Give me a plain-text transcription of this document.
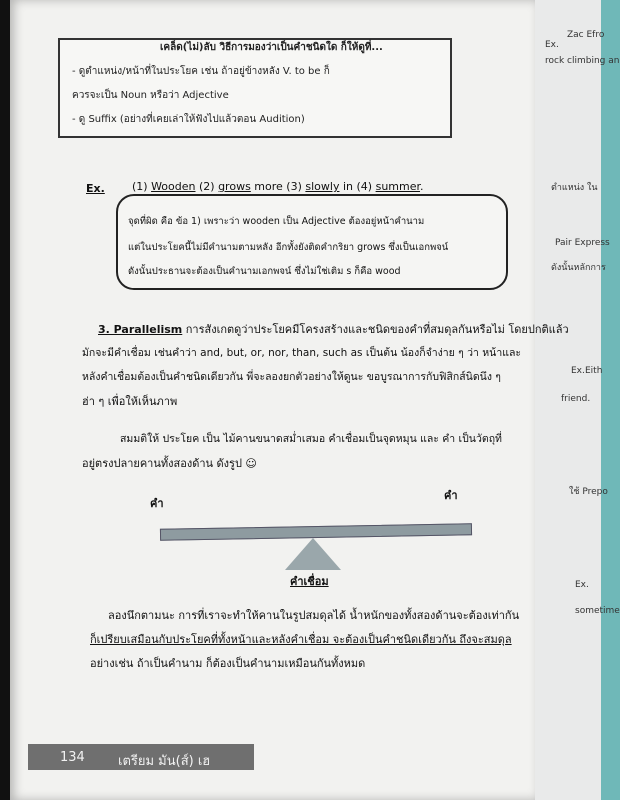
Ex.
Zac Efro
rock climbing an
ตำแหน่ง ใน
Pair Express
ดังนั้นหลักการ
Ex. Eith
friend.
ใช้ Prepo
Ex.
sometime
เคล็ด(ไม่)ลับ วิธีการมองว่าเป็นคำชนิดใด ก็ให้ดูที่...
- ดูตำแหน่ง/หน้าที่ในประโยค เช่น ถ้าอยู่ข้างหลัง V. to be ก็
ควรจะเป็น Noun หรือว่า Adjective
- ดู Suffix (อย่างที่เคยเล่าให้ฟังไปแล้วตอน Audition)
Ex. (1) Wooden (2) grows more (3) slowly in (4) summer.
จุดที่ผิด คือ ข้อ 1) เพราะว่า wooden เป็น Adjective ต้องอยู่หน้าคำนาม
แต่ในประโยคนี้ไม่มีคำนามตามหลัง อีกทั้งยังติดคำกริยา grows ซึ่งเป็นเอกพจน์
ดังนั้นประธานจะต้องเป็นคำนามเอกพจน์ ซึ่งไม่ใช่เติม s ก็คือ wood
3. Parallelism การสังเกตดูว่าประโยคมีโครงสร้างและชนิดของคำที่สมดุลกันหรือไม่ โดยปกติแล้ว
มักจะมีคำเชื่อม เช่นคำว่า and, but, or, nor, than, such as เป็นต้น น้องก็จำง่าย ๆ ว่า หน้าและ
หลังคำเชื่อมต้องเป็นคำชนิดเดียวกัน พี่จะลองยกตัวอย่างให้ดูนะ ขอบูรณาการกับฟิสิกส์นิดนึง ๆ
ฮ่า ๆ เพื่อให้เห็นภาพ
สมมติให้ ประโยค เป็น ไม้คานขนาดสม่ำเสมอ คำเชื่อมเป็นจุดหมุน และ คำ เป็นวัตถุที่
อยู่ตรงปลายคานทั้งสองด้าน ดังรูป ☺
คำ
คำ
คำเชื่อม
ลองนึกตามนะ การที่เราจะทำให้คานในรูปสมดุลได้ น้ำหนักของทั้งสองด้านจะต้องเท่ากัน
ก็เปรียบเสมือนกับประโยคที่ทั้งหน้าและหลังคำเชื่อม จะต้องเป็นคำชนิดเดียวกัน ถึงจะสมดุล
อย่างเช่น ถ้าเป็นคำนาม ก็ต้องเป็นคำนามเหมือนกันทั้งหมด
134	เตรียม มัน(ส์) เฮ
